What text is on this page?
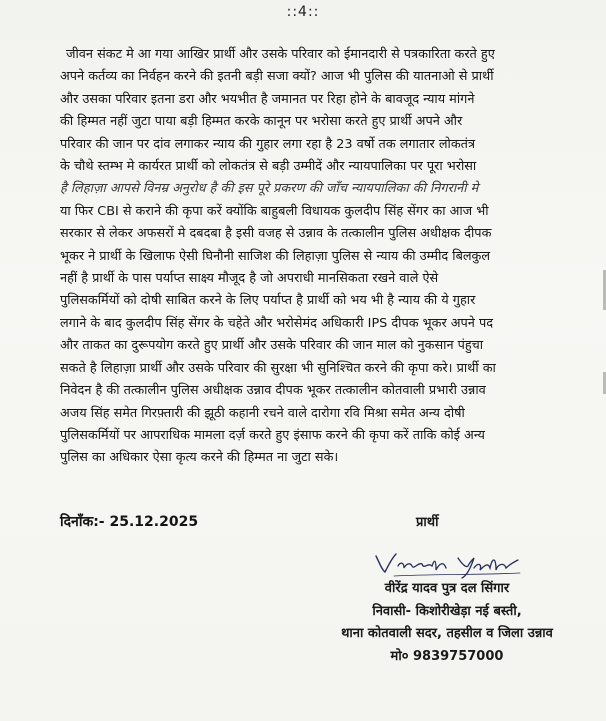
::4::
जीवन संकट मे आ गया आखिर प्रार्थी और उसके परिवार को ईमानदारी से पत्रकारिता करते हुए
अपने कर्तव्य का निर्वहन करने की इतनी बड़ी सजा क्यों? आज भी पुलिस की यातनाओ से प्रार्थी
और उसका परिवार इतना डरा और भयभीत है जमानत पर रिहा होने के बावजूद न्याय मांगने
की हिम्मत नहीं जुटा पाया बड़ी हिम्मत करके कानून पर भरोसा करते हुए प्रार्थी अपने और
परिवार की जान पर दांव लगाकर न्याय की गुहार लगा रहा है 23 वर्षो तक लगातार लोकतंत्र
के चौथे स्तम्भ मे कार्यरत प्रार्थी को लोकतंत्र से बड़ी उम्मीदें और न्यायपालिका पर पूरा भरोसा
है लिहाज़ा आपसे विनम्र अनुरोध है की इस पूरे प्रकरण की जाँच न्यायपालिका की निगरानी मे
या फिर CBI से कराने की कृपा करें क्योंकि बाहुबली विधायक कुलदीप सिंह सेंगर का आज भी
सरकार से लेकर अफसरों मे दबदबा है इसी वजह से उन्नाव के तत्कालीन पुलिस अधीक्षक दीपक
भूकर ने प्रार्थी के खिलाफ ऐसी घिनौनी साजिश की लिहाज़ा पुलिस से न्याय की उम्मीद बिलकुल
नहीं है प्रार्थी के पास पर्याप्त साक्ष्य मौजूद है जो अपराधी मानसिकता रखने वाले ऐसे
पुलिसकर्मियों को दोषी साबित करने के लिए पर्याप्त है प्रार्थी को भय भी है न्याय की ये गुहार
लगाने के बाद कुलदीप सिंह सेंगर के चहेते और भरोसेमंद अधिकारी IPS दीपक भूकर अपने पद
और ताकत का दुरूपयोग करते हुए प्रार्थी और उसके परिवार की जान माल को नुकसान पंहुचा
सकते है लिहाज़ा प्रार्थी और उसके परिवार की सुरक्षा भी सुनिश्चित करने की कृपा करे। प्रार्थी का
निवेदन है की तत्कालीन पुलिस अधीक्षक उन्नाव दीपक भूकर तत्कालीन कोतवाली प्रभारी उन्नाव
अजय सिंह समेत गिरफ़्तारी की झूठी कहानी रचने वाले दारोगा रवि मिश्रा समेत अन्य दोषी
पुलिसकर्मियों पर आपराधिक मामला दर्ज़ करते हुए इंसाफ करने की कृपा करें ताकि कोई अन्य
पुलिस का अधिकार ऐसा कृत्य करने की हिम्मत ना जुटा सके।
दिनाँक:- 25.12.2025	प्रार्थी
वीरेंद्र यादव पुत्र दल सिंगार
निवासी- किशोरीखेड़ा नई बस्ती,
थाना कोतवाली सदर, तहसील व जिला उन्नाव
मो० 9839757000
